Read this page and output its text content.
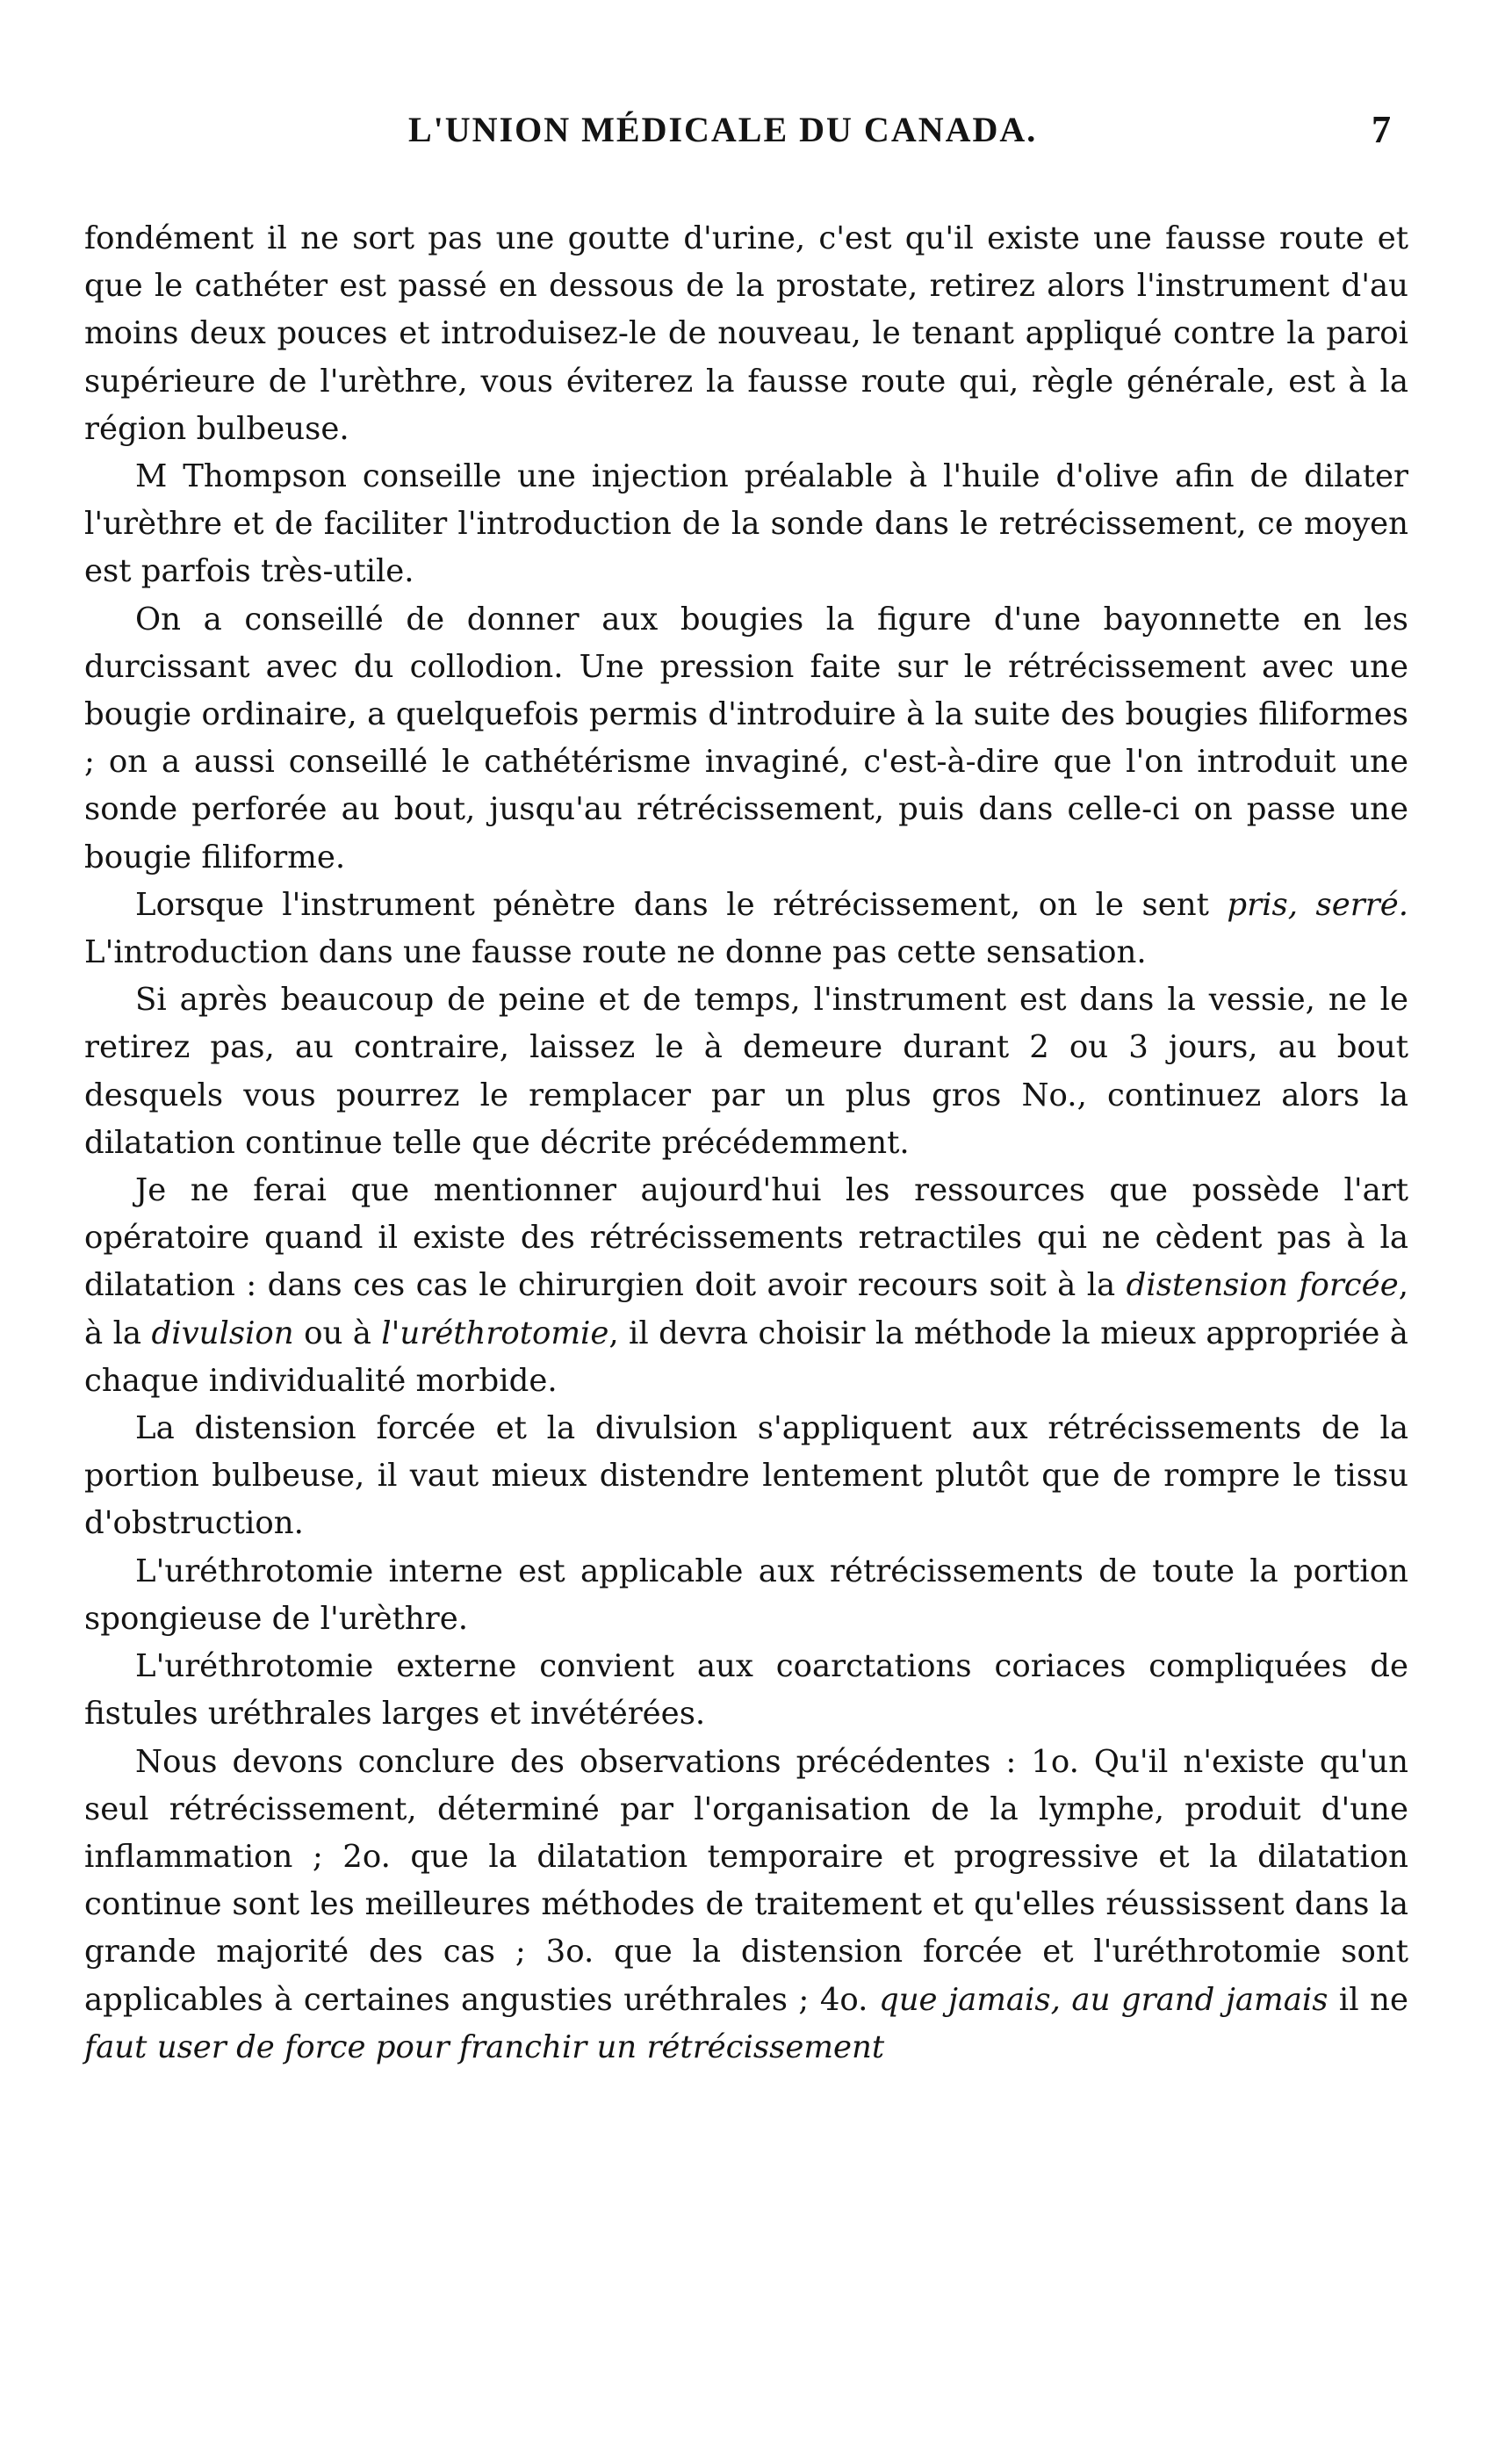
L'UNION MÉDICALE DU CANADA.	7

fondément il ne sort pas une goutte d'urine, c'est qu'il existe une fausse route et que le cathéter est passé en dessous de la prostate, retirez alors l'instrument d'au moins deux pouces et introduisez-le de nouveau, le tenant appliqué contre la paroi supérieure de l'urèthre, vous éviterez la fausse route qui, règle générale, est à la région bulbeuse.

M Thompson conseille une injection préalable à l'huile d'olive afin de dilater l'urèthre et de faciliter l'introduction de la sonde dans le retrécissement, ce moyen est parfois très-utile.

On a conseillé de donner aux bougies la figure d'une bayonnette en les durcissant avec du collodion. Une pression faite sur le rétrécissement avec une bougie ordinaire, a quelquefois permis d'introduire à la suite des bougies filiformes ; on a aussi conseillé le cathétérisme invaginé, c'est-à-dire que l'on introduit une sonde perforée au bout, jusqu'au rétrécissement, puis dans celle-ci on passe une bougie filiforme.

Lorsque l'instrument pénètre dans le rétrécissement, on le sent pris, serré. L'introduction dans une fausse route ne donne pas cette sensation.

Si après beaucoup de peine et de temps, l'instrument est dans la vessie, ne le retirez pas, au contraire, laissez le à demeure durant 2 ou 3 jours, au bout desquels vous pourrez le remplacer par un plus gros No., continuez alors la dilatation continue telle que décrite précédemment.

Je ne ferai que mentionner aujourd'hui les ressources que possède l'art opératoire quand il existe des rétrécissements retractiles qui ne cèdent pas à la dilatation : dans ces cas le chirurgien doit avoir recours soit à la distension forcée, à la divulsion ou à l'uréthrotomie, il devra choisir la méthode la mieux appropriée à chaque individualité morbide.

La distension forcée et la divulsion s'appliquent aux rétrécissements de la portion bulbeuse, il vaut mieux distendre lentement plutôt que de rompre le tissu d'obstruction.

L'uréthrotomie interne est applicable aux rétrécissements de toute la portion spongieuse de l'urèthre.

L'uréthrotomie externe convient aux coarctations coriaces compliquées de fistules uréthrales larges et invétérées.

Nous devons conclure des observations précédentes : 1o. Qu'il n'existe qu'un seul rétrécissement, déterminé par l'organisation de la lymphe, produit d'une inflammation ; 2o. que la dilatation temporaire et progressive et la dilatation continue sont les meilleures méthodes de traitement et qu'elles réussissent dans la grande majorité des cas ; 3o. que la distension forcée et l'uréthrotomie sont applicables à certaines angusties uréthrales ; 4o. que jamais, au grand jamais il ne faut user de force pour franchir un rétrécissement
